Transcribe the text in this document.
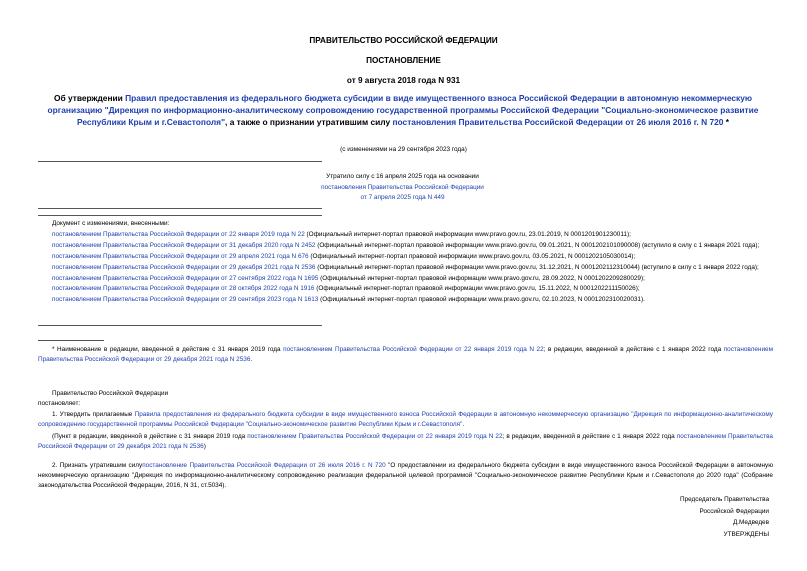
ПРАВИТЕЛЬСТВО РОССИЙСКОЙ ФЕДЕРАЦИИ
ПОСТАНОВЛЕНИЕ
от 9 августа 2018 года N 931
Об утверждении Правил предоставления из федерального бюджета субсидии в виде имущественного взноса Российской Федерации в автономную некоммерческую организацию "Дирекция по информационно-аналитическому сопровождению государственной программы Российской Федерации "Социально-экономическое развитие Республики Крым и г.Севастополя", а также о признании утратившим силу постановления Правительства Российской Федерации от 26 июля 2016 г. N 720 *
(с изменениями на 29 сентября 2023 года)
Утратило силу с 16 апреля 2025 года на основании
постановления Правительства Российской Федерации
от 7 апреля 2025 года N 449
Документ с изменениями, внесенными:
постановлением Правительства Российской Федерации от 22 января 2019 года N 22 (Официальный интернет-портал правовой информации www.pravo.gov.ru, 23.01.2019, N 0001201901230011);
постановлением Правительства Российской Федерации от 31 декабря 2020 года N 2452 (Официальный интернет-портал правовой информации www.pravo.gov.ru, 09.01.2021, N 0001202101090008) (вступило в силу с 1 января 2021 года);
постановлением Правительства Российской Федерации от 29 апреля 2021 года N 676 (Официальный интернет-портал правовой информации www.pravo.gov.ru, 03.05.2021, N 0001202105030014);
постановлением Правительства Российской Федерации от 29 декабря 2021 года N 2536 (Официальный интернет-портал правовой информации www.pravo.gov.ru, 31.12.2021, N 0001202112310044) (вступило в силу с 1 января 2022 года);
постановлением Правительства Российской Федерации от 27 сентября 2022 года N 1695 (Официальный интернет-портал правовой информации www.pravo.gov.ru, 28.09.2022, N 0001202209280029);
постановлением Правительства Российской Федерации от 28 октября 2022 года N 1916 (Официальный интернет-портал правовой информации www.pravo.gov.ru, 15.11.2022, N 0001202211150026);
постановлением Правительства Российской Федерации от 29 сентября 2023 года N 1613 (Официальный интернет-портал правовой информации www.pravo.gov.ru, 02.10.2023, N 0001202310020031).
* Наименование в редакции, введенной в действие с 31 января 2019 года постановлением Правительства Российской Федерации от 22 января 2019 года N 22; в редакции, введенной в действие с 1 января 2022 года постановлением Правительства Российской Федерации от 29 декабря 2021 года N 2536.
Правительство Российской Федерации
постановляет:
1. Утвердить прилагаемые Правила предоставления из федерального бюджета субсидии в виде имущественного взноса Российской Федерации в автономную некоммерческую организацию "Дирекция по информационно-аналитическому сопровождению государственной программы Российской Федерации "Социально-экономическое развитие Республики Крым и г.Севастополя".
(Пункт в редакции, введенной в действие с 31 января 2019 года постановлением Правительства Российской Федерации от 22 января 2019 года N 22; в редакции, введенной в действие с 1 января 2022 года постановлением Правительства Российской Федерации от 29 декабря 2021 года N 2536)
2. Признать утратившим силупостановление Правительства Российской Федерации от 26 июля 2016 г. N 720 "О предоставлении из федерального бюджета субсидии в виде имущественного взноса Российской Федерации в автономную некоммерческую организацию "Дирекция по информационно-аналитическому сопровождению реализации федеральной целевой программой "Социально-экономическое развитие Республики Крым и г.Севастополя до 2020 года" (Собрание законодательства Российской Федерации, 2016, N 31, ст.5034).
Председатель Правительства
Российской Федерации
Д.Медведев
УТВЕРЖДЕНЫ
